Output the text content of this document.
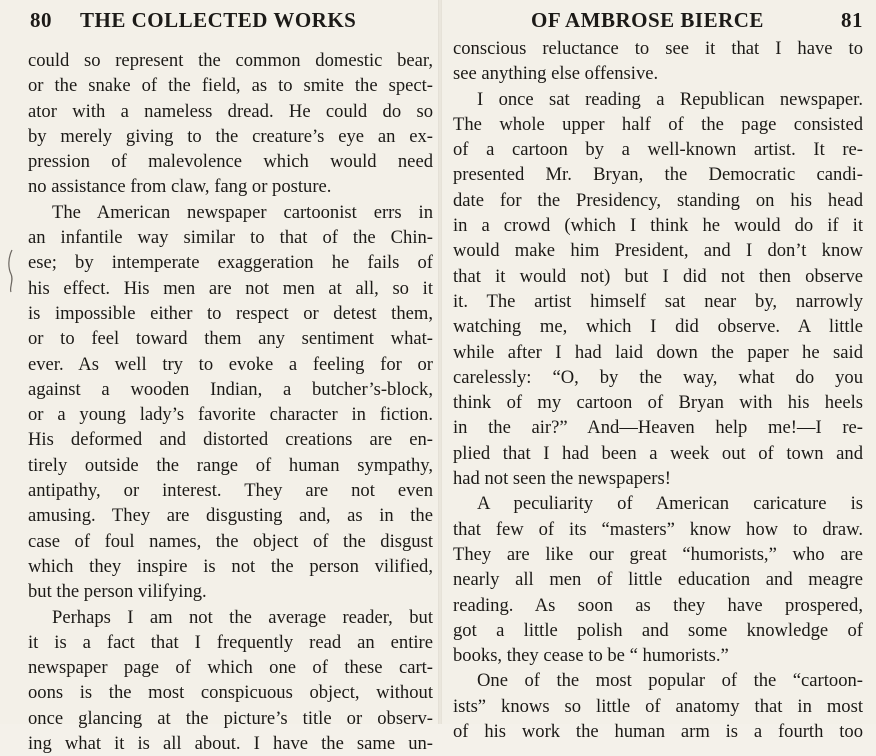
80 THE COLLECTED WORKS
could so represent the common domestic bear,
or the snake of the field, as to smite the spect-
ator with a nameless dread. He could do so
by merely giving to the creature’s eye an ex-
pression of malevolence which would need
no assistance from claw, fang or posture.
The American newspaper cartoonist errs in
an infantile way similar to that of the Chin-
ese; by intemperate exaggeration he fails of
his effect. His men are not men at all, so it
is impossible either to respect or detest them,
or to feel toward them any sentiment what-
ever. As well try to evoke a feeling for or
against a wooden Indian, a butcher’s-block,
or a young lady’s favorite character in fiction.
His deformed and distorted creations are en-
tirely outside the range of human sympathy,
antipathy, or interest. They are not even
amusing. They are disgusting and, as in the
case of foul names, the object of the disgust
which they inspire is not the person vilified,
but the person vilifying.
Perhaps I am not the average reader, but
it is a fact that I frequently read an entire
newspaper page of which one of these cart-
oons is the most conspicuous object, without
once glancing at the picture’s title or observ-
ing what it is all about. I have the same un-
OF AMBROSE BIERCE	81
conscious reluctance to see it that I have to
see anything else offensive.
I once sat reading a Republican newspaper.
The whole upper half of the page consisted
of a cartoon by a well-known artist. It re-
presented Mr. Bryan, the Democratic candi-
date for the Presidency, standing on his head
in a crowd (which I think he would do if it
would make him President, and I don’t know
that it would not) but I did not then observe
it. The artist himself sat near by, narrowly
watching me, which I did observe. A little
while after I had laid down the paper he said
carelessly: “O, by the way, what do you
think of my cartoon of Bryan with his heels
in the air?” And—Heaven help me!—I re-
plied that I had been a week out of town and
had not seen the newspapers!
A peculiarity of American caricature is
that few of its “masters” know how to draw.
They are like our great “humorists,” who are
nearly all men of little education and meagre
reading. As soon as they have prospered,
got a little polish and some knowledge of
books, they cease to be “ humorists.”
One of the most popular of the “cartoon-
ists” knows so little of anatomy that in most
of his work the human arm is a fourth too
